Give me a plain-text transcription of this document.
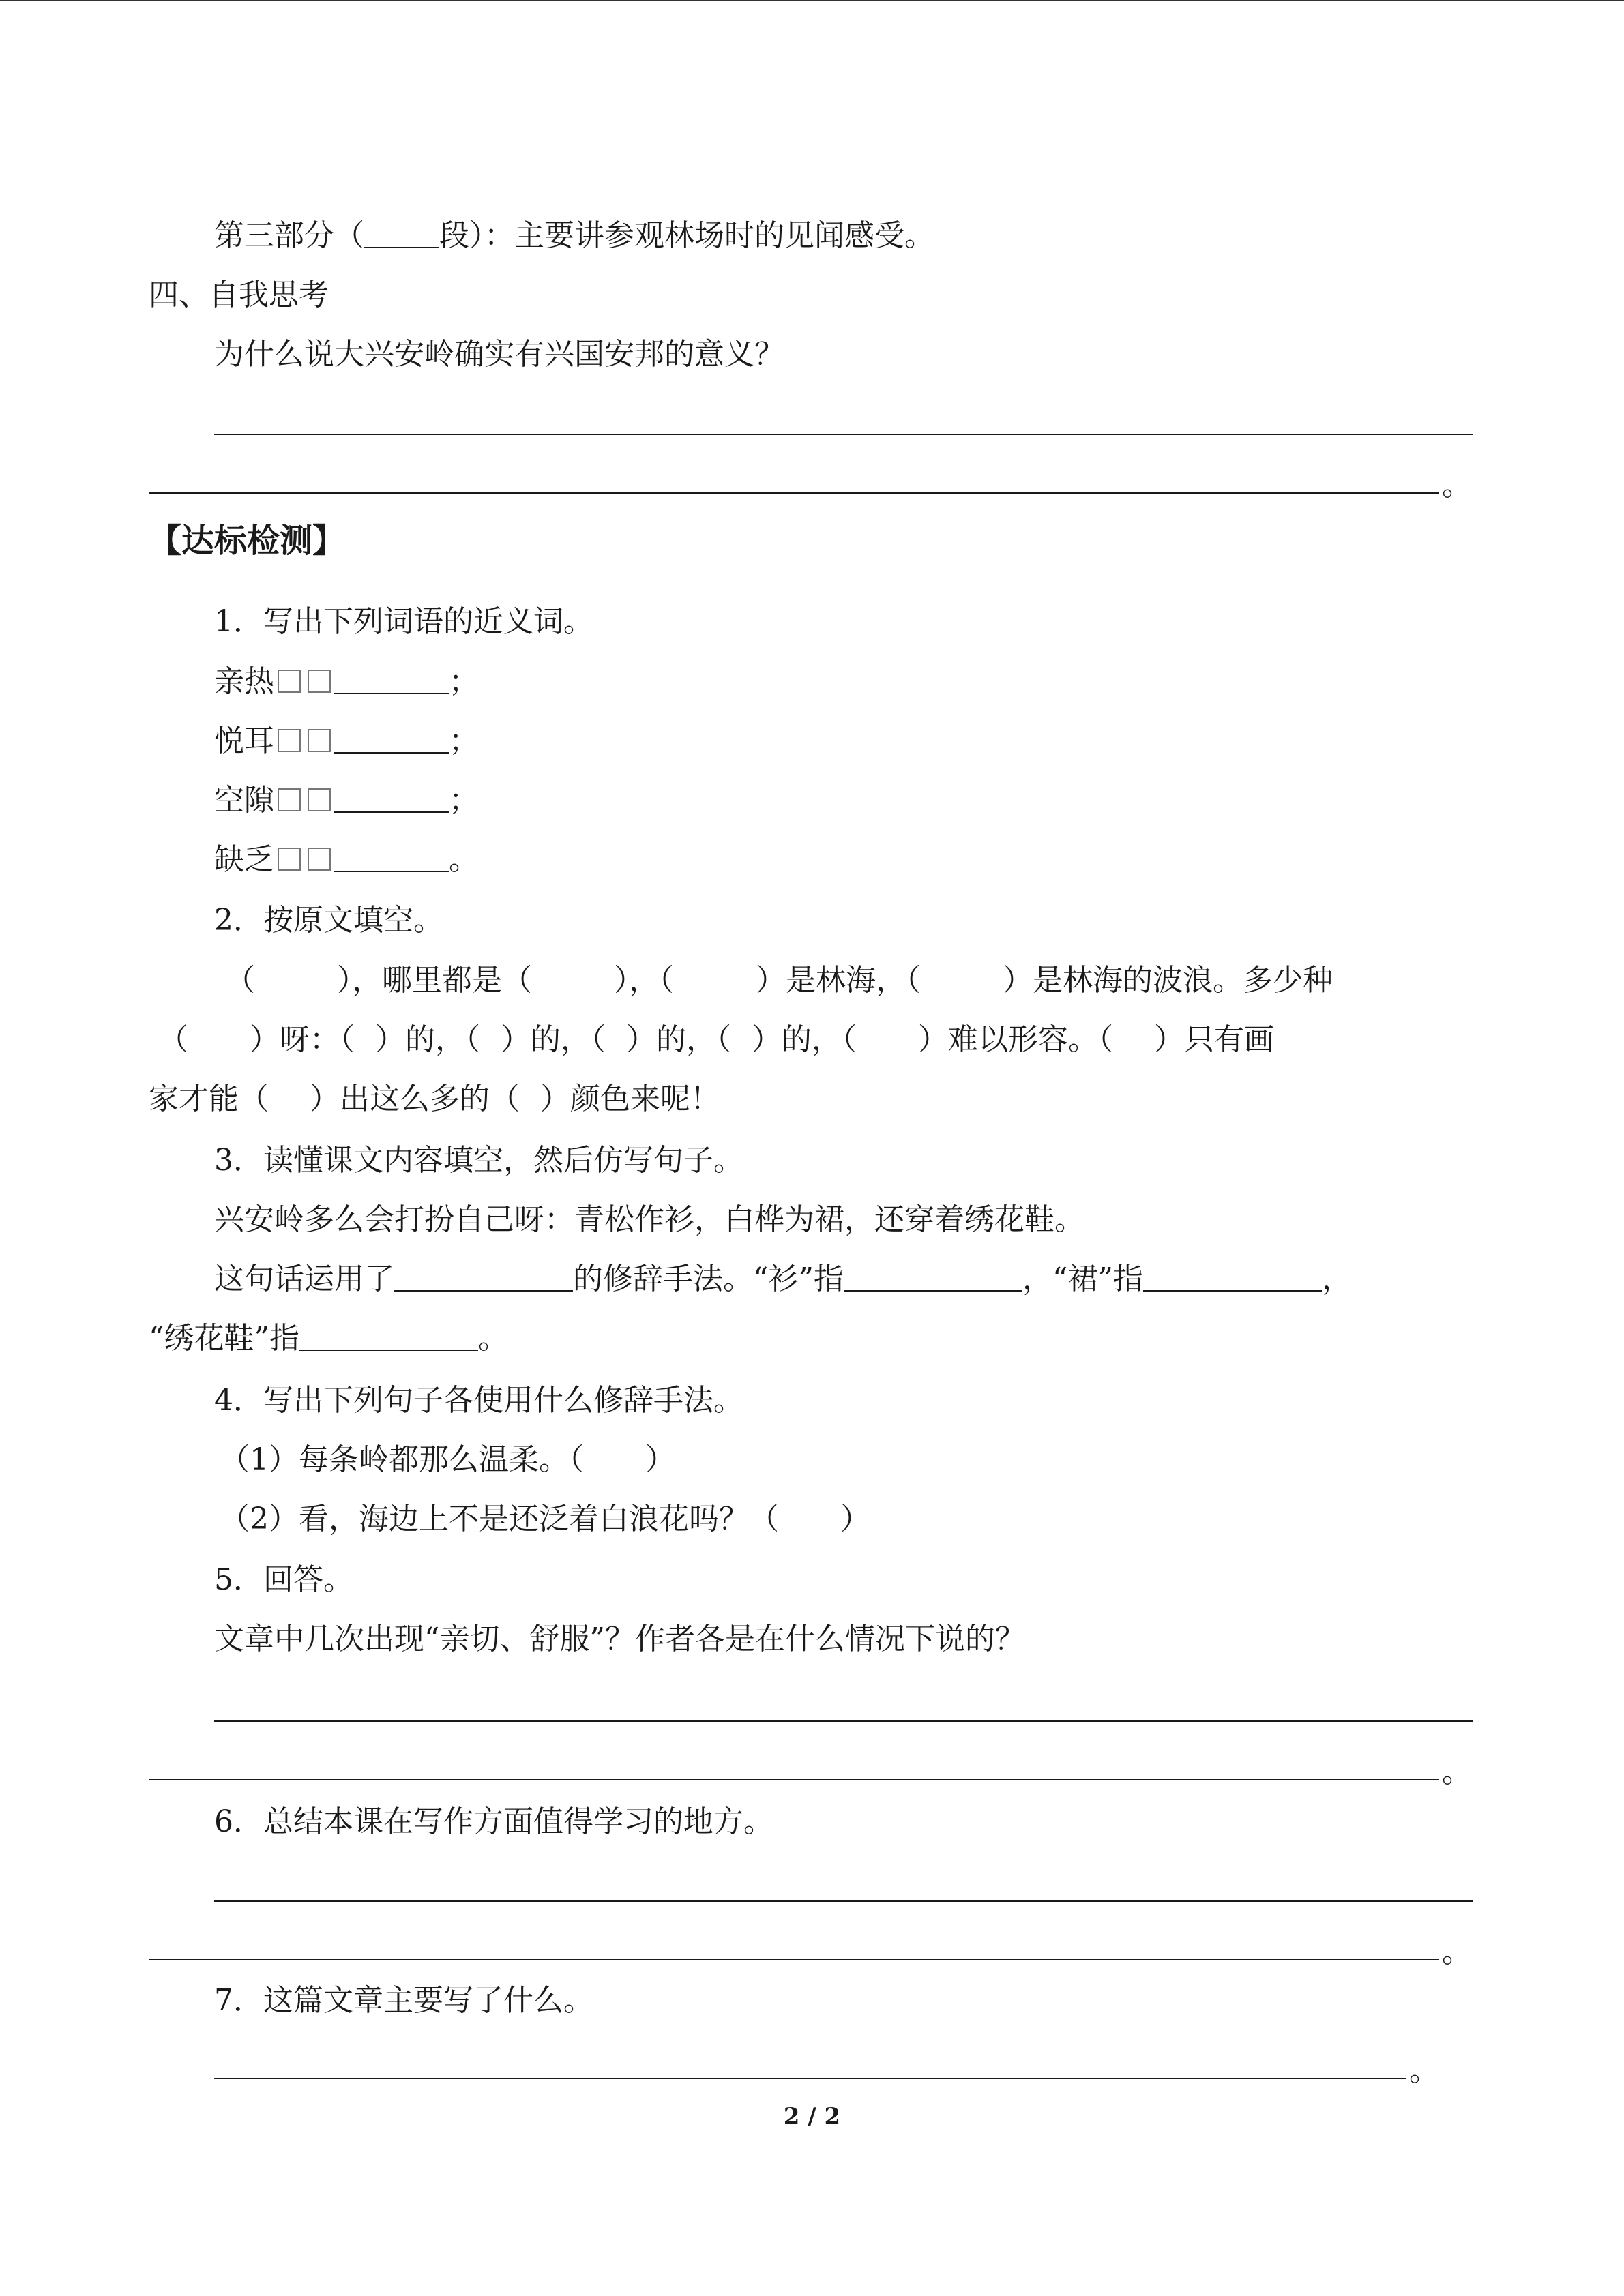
第三部分（	段）：主要讲参观林场时的见闻感受。
四、自我思考
为什么说大兴安岭确实有兴国安邦的意义？
。
【达标检测】
1．写出下列词语的近义词。
亲热	；
悦耳	；
空隙	；
缺乏	。
2．按原文填空。
（	），哪里都是（	），（	）是林海，（	）是林海的波浪。多少种
（ ）呀：（ ）的，（ ）的，（ ）的，（ ）的，（ ）难以形容。（ ）只有画
家才能（ ）出这么多的（ ）颜色来呢！
3．读懂课文内容填空，然后仿写句子。
兴安岭多么会打扮自己呀：青松作衫，白桦为裙，还穿着绣花鞋。
这句话运用了	的修辞手法。“衫”指	，“裙”指	，
“绣花鞋”指	。
4．写出下列句子各使用什么修辞手法。
（1）每条岭都那么温柔。（ ）
（2）看，海边上不是还泛着白浪花吗？（ ）
5．回答。
文章中几次出现“亲切、舒服”？作者各是在什么情况下说的？
。
6．总结本课在写作方面值得学习的地方。
。
7．这篇文章主要写了什么。
。
2 / 2
